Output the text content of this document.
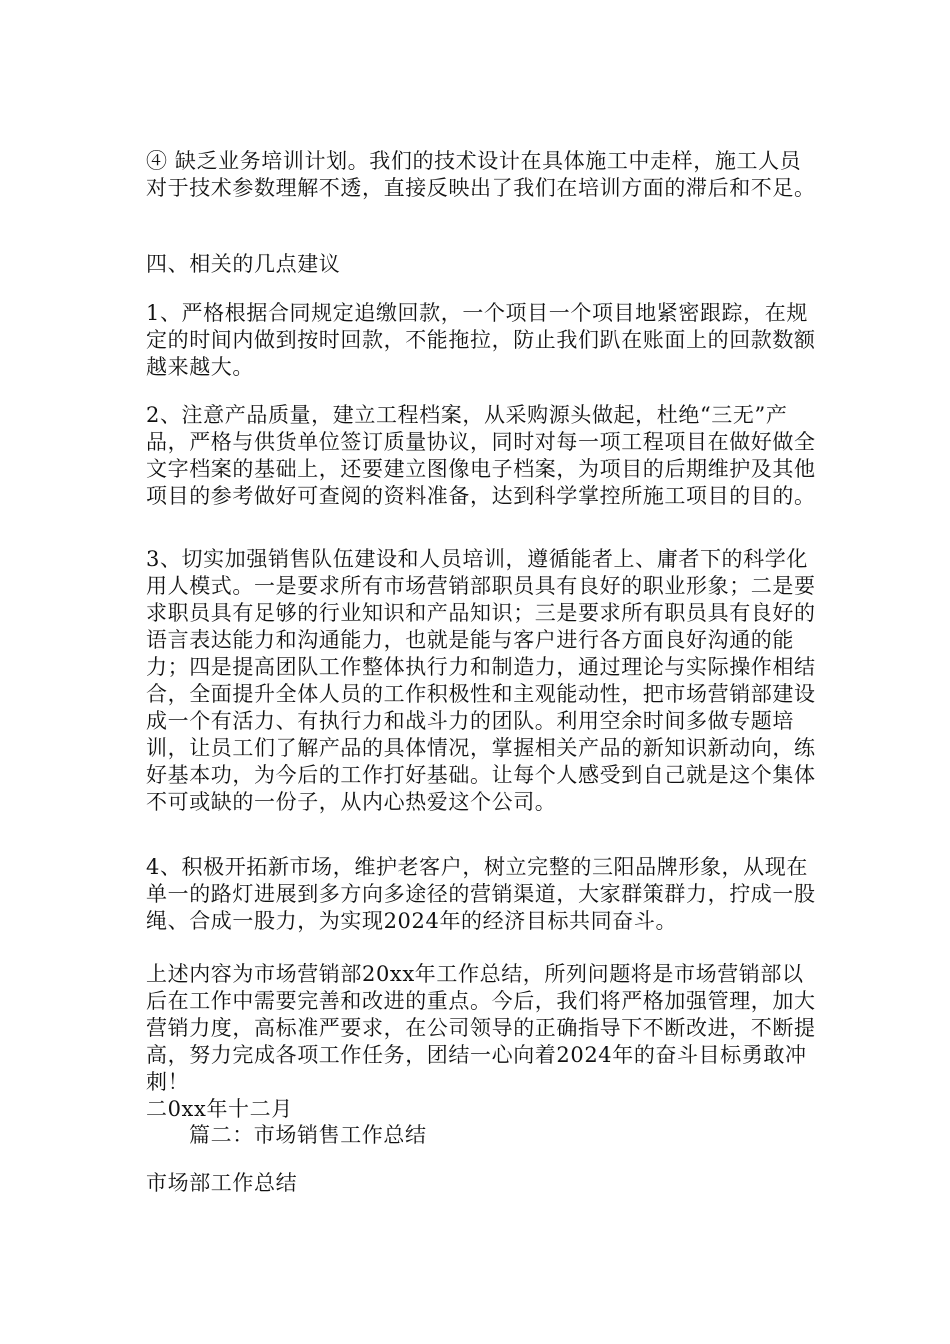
④ 缺乏业务培训计划。我们的技术设计在具体施工中走样，施工人员对于技术参数理解不透，直接反映出了我们在培训方面的滞后和不足。

四、相关的几点建议

1、严格根据合同规定追缴回款，一个项目一个项目地紧密跟踪，在规定的时间内做到按时回款，不能拖拉，防止我们趴在账面上的回款数额越来越大。

2、注意产品质量，建立工程档案，从采购源头做起，杜绝“三无”产品，严格与供货单位签订质量协议，同时对每一项工程项目在做好做全文字档案的基础上，还要建立图像电子档案，为项目的后期维护及其他项目的参考做好可查阅的资料准备，达到科学掌控所施工项目的目的。

3、切实加强销售队伍建设和人员培训，遵循能者上、庸者下的科学化用人模式。一是要求所有市场营销部职员具有良好的职业形象；二是要求职员具有足够的行业知识和产品知识；三是要求所有职员具有良好的语言表达能力和沟通能力，也就是能与客户进行各方面良好沟通的能力；四是提高团队工作整体执行力和制造力，通过理论与实际操作相结合，全面提升全体人员的工作积极性和主观能动性，把市场营销部建设成一个有活力、有执行力和战斗力的团队。利用空余时间多做专题培训，让员工们了解产品的具体情况，掌握相关产品的新知识新动向，练好基本功，为今后的工作打好基础。让每个人感受到自己就是这个集体不可或缺的一份子，从内心热爱这个公司。

4、积极开拓新市场，维护老客户，树立完整的三阳品牌形象，从现在单一的路灯进展到多方向多途径的营销渠道，大家群策群力，拧成一股绳、合成一股力，为实现2024年的经济目标共同奋斗。

上述内容为市场营销部20xx年工作总结，所列问题将是市场营销部以后在工作中需要完善和改进的重点。今后，我们将严格加强管理，加大营销力度，高标准严要求，在公司领导的正确指导下不断改进，不断提高，努力完成各项工作任务，团结一心向着2024年的奋斗目标勇敢冲刺！

二0xx年十二月

篇二：市场销售工作总结

市场部工作总结
